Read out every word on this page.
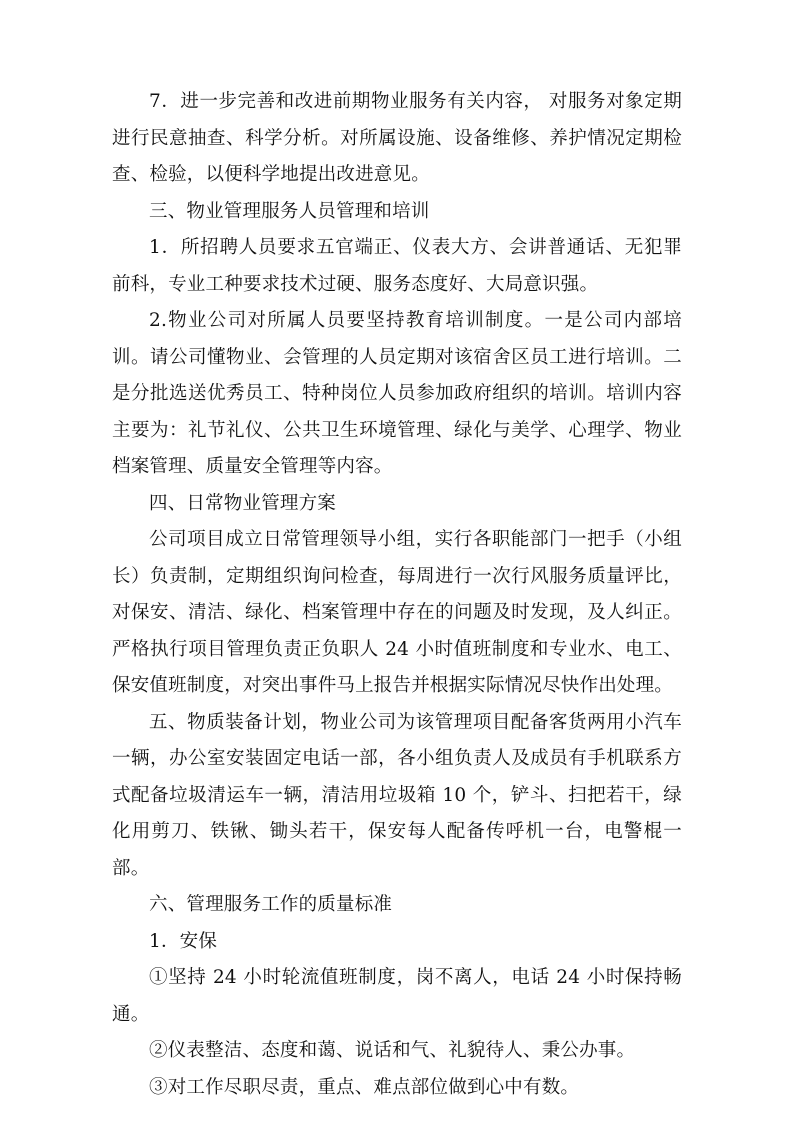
7．进一步完善和改进前期物业服务有关内容， 对服务对象定期进行民意抽查、科学分析。对所属设施、设备维修、养护情况定期检查、检验，以便科学地提出改进意见。

三、物业管理服务人员管理和培训

1．所招聘人员要求五官端正、仪表大方、会讲普通话、无犯罪前科，专业工种要求技术过硬、服务态度好、大局意识强。

2.物业公司对所属人员要坚持教育培训制度。一是公司内部培训。请公司懂物业、会管理的人员定期对该宿舍区员工进行培训。二是分批选送优秀员工、特种岗位人员参加政府组织的培训。培训内容主要为：礼节礼仪、公共卫生环境管理、绿化与美学、心理学、物业档案管理、质量安全管理等内容。

四、日常物业管理方案

公司项目成立日常管理领导小组，实行各职能部门一把手（小组长）负责制，定期组织询问检查，每周进行一次行风服务质量评比，对保安、清洁、绿化、档案管理中存在的问题及时发现，及人纠正。严格执行项目管理负责正负职人 24 小时值班制度和专业水、电工、保安值班制度，对突出事件马上报告并根据实际情况尽快作出处理。

五、物质装备计划，物业公司为该管理项目配备客货两用小汽车一辆，办公室安装固定电话一部，各小组负责人及成员有手机联系方式配备垃圾清运车一辆，清洁用垃圾箱 10 个，铲斗、扫把若干，绿化用剪刀、铁锹、锄头若干，保安每人配备传呼机一台，电警棍一部。

六、管理服务工作的质量标准

1．安保

①坚持 24 小时轮流值班制度，岗不离人，电话 24 小时保持畅通。

②仪表整洁、态度和蔼、说话和气、礼貌待人、秉公办事。

③对工作尽职尽责，重点、难点部位做到心中有数。
